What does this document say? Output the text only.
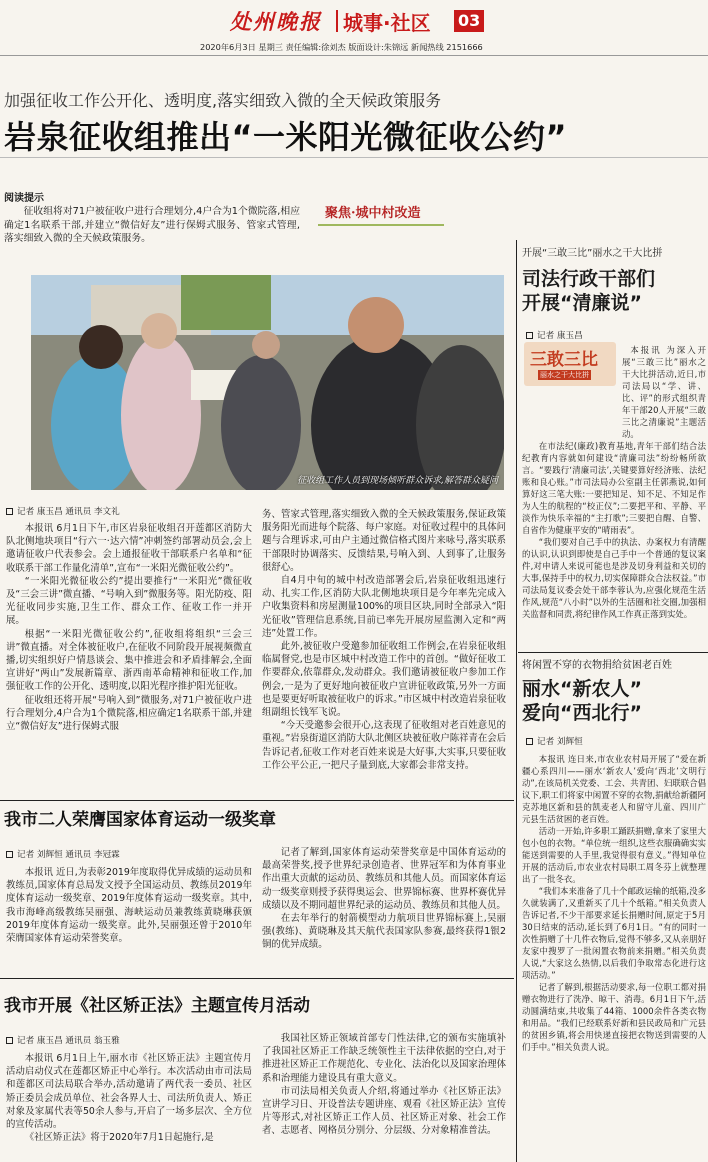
处州晚报 城事·社区 03
2020年6月3日 星期三 责任编辑:徐刘杰 版面设计:朱锦远 新闻热线 2151666
加强征收工作公开化、透明度,落实细致入微的全天候政策服务
岩泉征收组推出“一米阳光微征收公约”
阅读提示
征收组将对71户被征收户进行合理划分,4户合为1个微院落,相应确定1名联系干部,并建立“微信好友”进行保姆式服务、管家式管理,落实细致入微的全天候政策服务。
聚焦·城中村改造
征收组工作人员到现场倾听群众诉求,解答群众疑问
记者 康玉昌 通讯员 李文礼

本报讯 6月1日下午,市区岩泉征收组召开莲都区消防大队北侧地块项目“行六一·达六情”冲刺签约部署动员会,会上邀请征收户代表参会。会上通报征收干部联系户名单和“征收联系干部工作量化清单”,宣布“一米阳光微征收公约”。

“一米阳光微征收公约”提出要推行“一米阳光”微征收及“三会三讲”微直播、“号响入到”微服务等。阳光防疫、阳光征收同步实施,卫生工作、群众工作、征收工作一并开展。

根据“一米阳光微征收公约”,征收组将组织“三会三讲”微直播。对全体被征收户,在征收不同阶段开展视频微直播,切实组织好户情恳谈会、集中推进会和矛盾排解会,全面宣讲好“两山”发展新篇章、浙西南革命精神和征收工作,加强征收工作的公开化、透明度,以阳光程序推护阳光征收。

征收组还将开展“号响入到”微服务,对71户被征收户进行合理划分,4户合为1个微院落,相应确定1名联系干部,并建立“微信好友”进行保姆式服

务、管家式管理,落实细致入微的全天候政策服务,保证政策服务阳光而进每个院落、每户家庭。对征收过程中的具体问题与合理诉求,可由户主通过微信格式图片来咏号,落实联系干部限时协调落实、反馈结果,号响入到、人到事了,让服务很舒心。

自4月中旬的城中村改造部署会后,岩泉征收组迅速行动、扎实工作,区消防大队北侧地块项目是今年率先完成入户收集资料和房屋测量100%的项目区块,同时全部录入“阳光征收”管理信息系统,目前已率先开展房屋监测入定和“两违”处置工作。

此外,被征收户受邀参加征收组工作例会,在岩泉征收组临属督党,也是市区城中村改造工作中的首创。“做好征收工作要群众,依靠群众,发动群众。我们邀请被征收户参加工作例会,一是为了更好地向被征收户宣讲征收政策,另外一方面也是要更好听取被征收户的诉求。”市区城中村改造岩泉征收组副组长钱军飞说。

“今天受邀参会很开心,这表现了征收组对老百姓意见的重视。”岩泉街道区消防大队北侧区块被征收户陈祥青在会后告诉记者,征收工作对老百姓来说是大好事,大实事,只要征收工作公平公正,一把尺子量到底,大家都会非常支持。

我市二人荣膺国家体育运动一级奖章
记者 刘辉恒 通讯员 李冠霖

本报讯 近日,为表彰2019年度取得优异成绩的运动员和教练员,国家体育总局发文授予全国运动员、教练员2019年度体育运动一级奖章、2019年度体育运动一级奖章。其中,我市海峰高级教练吴丽强、海峡运动员兼教练黄晓琳获颁2019年度体育运动一级奖章。此外,吴丽强还曾于2010年荣膺国家体育运动荣誉奖章。

记者了解到,国家体育运动荣誉奖章是中国体育运动的最高荣誉奖,授予世界纪录创造者、世界冠军和为体育事业作出重大贡献的运动员、教练员和其他人员。而国家体育运动一级奖章则授予获得奥运会、世界锦标赛、世界杯赛优异成绩以及不期同超世界纪录的运动员、教练员和其他人员。

在去年举行的射箭模型动力航项目世界锦标赛上,吴丽强(教练)、黄晓琳及其天航代表国家队参赛,最终获得1银2铜的优异成绩。

我市开展《社区矫正法》主题宣传月活动
记者 康玉昌 通讯员 翁玉雅

本报讯 6月1日上午,丽水市《社区矫正法》主题宣传月活动启动仪式在莲都区矫正中心举行。本次活动由市司法局和莲都区司法局联合举办,活动邀请了两代表一委员、社区矫正委员会成员单位、社会各界人士、司法所负责人、矫正对象及家属代表等50余人参与,开启了一场多层次、全方位的宣传活动。

《社区矫正法》将于2020年7月1日起施行,是

我国社区矫正领域首部专门性法律,它的颁布实施填补了我国社区矫正工作缺乏统领性主干法律依据的空白,对于推进社区矫正工作规范化、专业化、法治化以及国家治理体系和治理能力建设具有重大意义。

市司法局相关负责人介绍,将通过举办《社区矫正法》宣讲学习日、开设普法专题讲座、观看《社区矫正法》宣传片等形式,对社区矫正工作人员、社区矫正对象、社会工作者、志愿者、网格员分别分、分层级、分对象精准普法。

开展“三敢三比”丽水之干大比拼
司法行政干部们
开展“清廉说”
记者 康玉昌
三敢三比
丽水之干大比拼

本报讯 为深入开展“三敢三比”丽水之干大比拼活动,近日,市司法局以“学、讲、比、评”的形式组织青年干部20人开展“三敢三比之清廉说”主题活动。

在市法纪(廉政)教育基地,青年干部们结合法纪教育内容就如何建设“清廉司法”纷纷畅所欲言。“要践行‘清廉司法’,关键要算好经济账、法纪账和良心账。”市司法局办公室副主任郭燕说,如何算好这三笔大账:一要把知足、知不足、不知足作为人生的航程的“校正仪”;二要把平和、平静、平淡作为快乐幸福的“主打歌”;三要把自醒、自警、自省作为健康平安的“晴雨表”。

“我们要对自己手中的执法、办案权力有清醒的认识,认识到即使是自己手中一个普通的复议案件,对申请人来说可能也是涉及切身利益和关切的大事,保持手中的权力,切实保障群众合法权益。”市司法局复议委会处干部李蓉认为,应强化规范生活作风,规范“八小时”以外的生活圈和社交圈,加强相关监督和同责,将纪律作风工作真正落到实处。

将闲置不穿的衣物捐给贫困老百姓
丽水“新农人”
爱向“西北行”
记者 刘辉恒

本报讯 连日来,市农业农村局开展了“爱在新疆心系四川——丽水‘新农人’爱向‘西北’文明行动”,在该局机关党委、工会、共青团、妇联联合倡议下,职工们将家中闲置不穿的衣物,捐献给新疆阿克苏地区新和县的凯麦老人和留守儿童、四川广元县生活贫困的老百姓。

活动一开始,许多职工踊跃捐赠,拿来了家里大包小包的衣物。“单位统一组织,这些衣服确确实实能送到需要的人手里,我觉得很有意义。”得知单位开展的活动后,市农业农村局职工周冬芬上就整理出了一批冬衣。

“我们本来准备了几十个邮政运输的纸箱,没多久就装满了,又重新买了几十个纸箱。”相关负责人告诉记者,不少干部要求延长捐赠时间,原定于5月30日结束的活动,延长到了6月1日。“有的同时一次性捐赠了十几件衣物后,觉得不够多,又从亲朋好友家中搜罗了一批闲置衣物前来捐赠。”相关负责人说,“大家这么热情,以后我们争取常态化进行这项活动。”

记者了解到,根据活动要求,每一位职工都对捐赠衣物进行了洗净、晾干、消毒。6月1日下午,活动圆满结束,共收集了44箱、1000余件各类衣物和用品。“我们已经联系好新和县民政局和广元县的贫困乡镇,将会用快递直接把衣物送到需要的人们手中。”相关负责人说。
